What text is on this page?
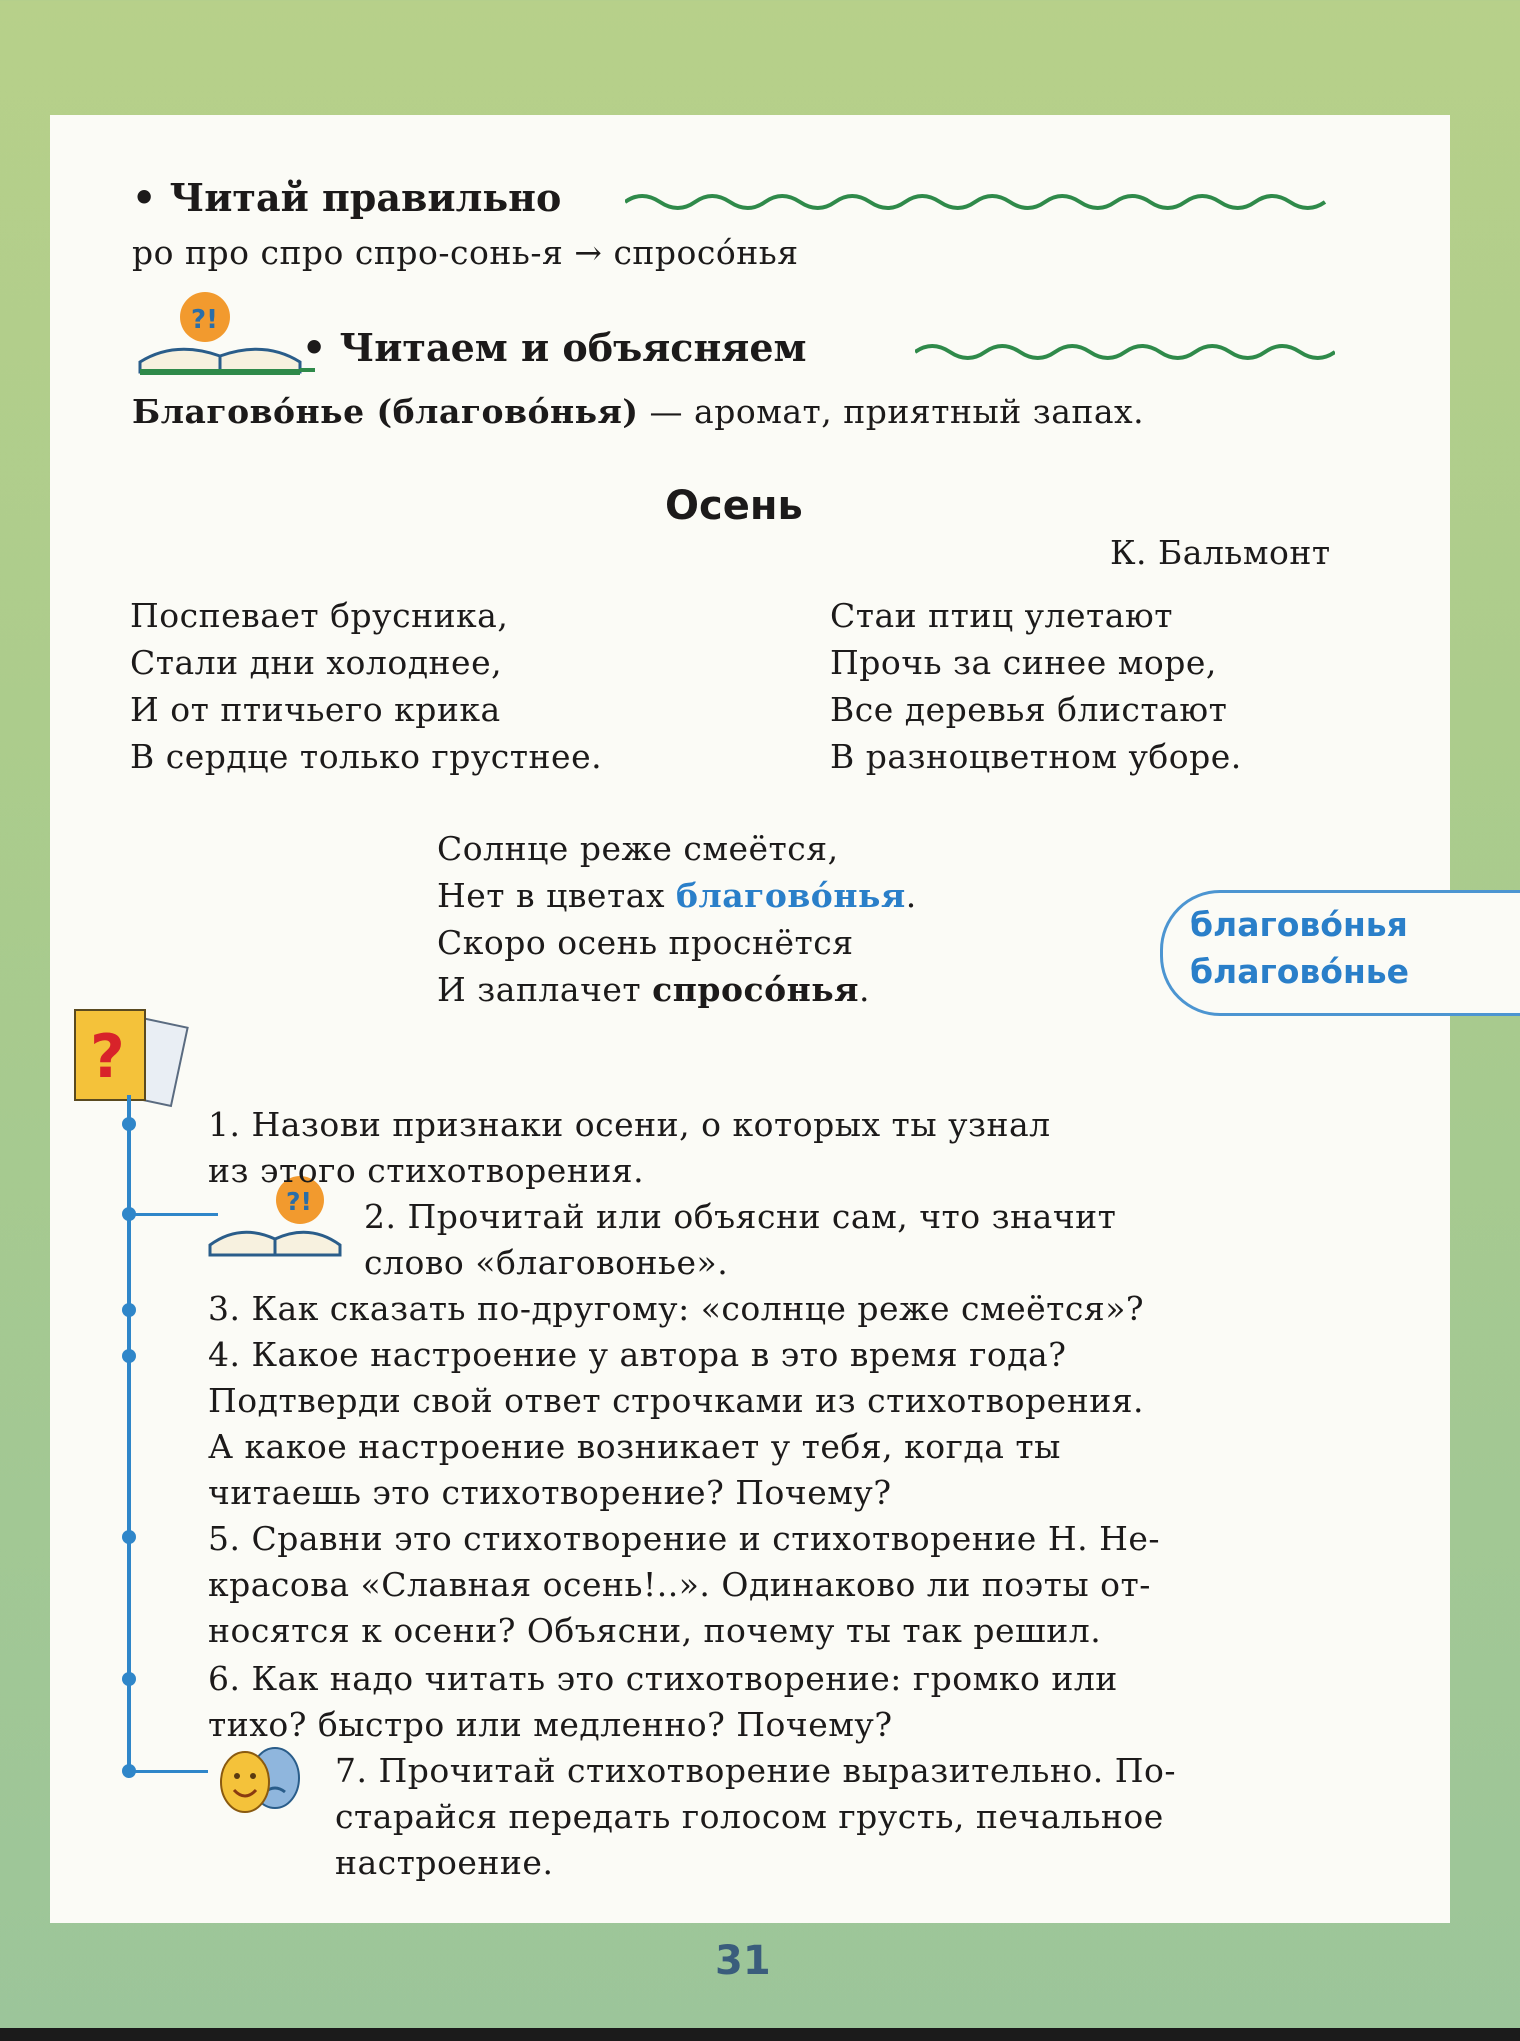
• Читай правильно
ро про спро спро-сонь-я → спросóнья
?!
• Читаем и объясняем
Благовóнье (благовóнья) — аромат, приятный запах.
Осень
К. Бальмонт
Поспевает брусника,
Стали дни холоднее,
И от птичьего крика
В сердце только грустнее.
Стаи птиц улетают
Прочь за синее море,
Все деревья блистают
В разноцветном уборе.
Солнце реже смеётся,
Нет в цветах благовóнья.
Скоро осень проснётся
И заплачет спросóнья.
благовóнья
благовóнье
?
?!
1. Назови признаки осени, о которых ты узнал
из этого стихотворения.
2. Прочитай или объясни сам, что значит
слово «благовонье».
3. Как сказать по-другому: «солнце реже смеётся»?
4. Какое настроение у автора в это время года?
Подтверди свой ответ строчками из стихотворения.
А какое настроение возникает у тебя, когда ты
читаешь это стихотворение? Почему?
5. Сравни это стихотворение и стихотворение Н. Не-
красова «Славная осень!..». Одинаково ли поэты от-
носятся к осени? Объясни, почему ты так решил.
6. Как надо читать это стихотворение: громко или
тихо? быстро или медленно? Почему?
7. Прочитай стихотворение выразительно. По-
старайся передать голосом грусть, печальное
настроение.
31
